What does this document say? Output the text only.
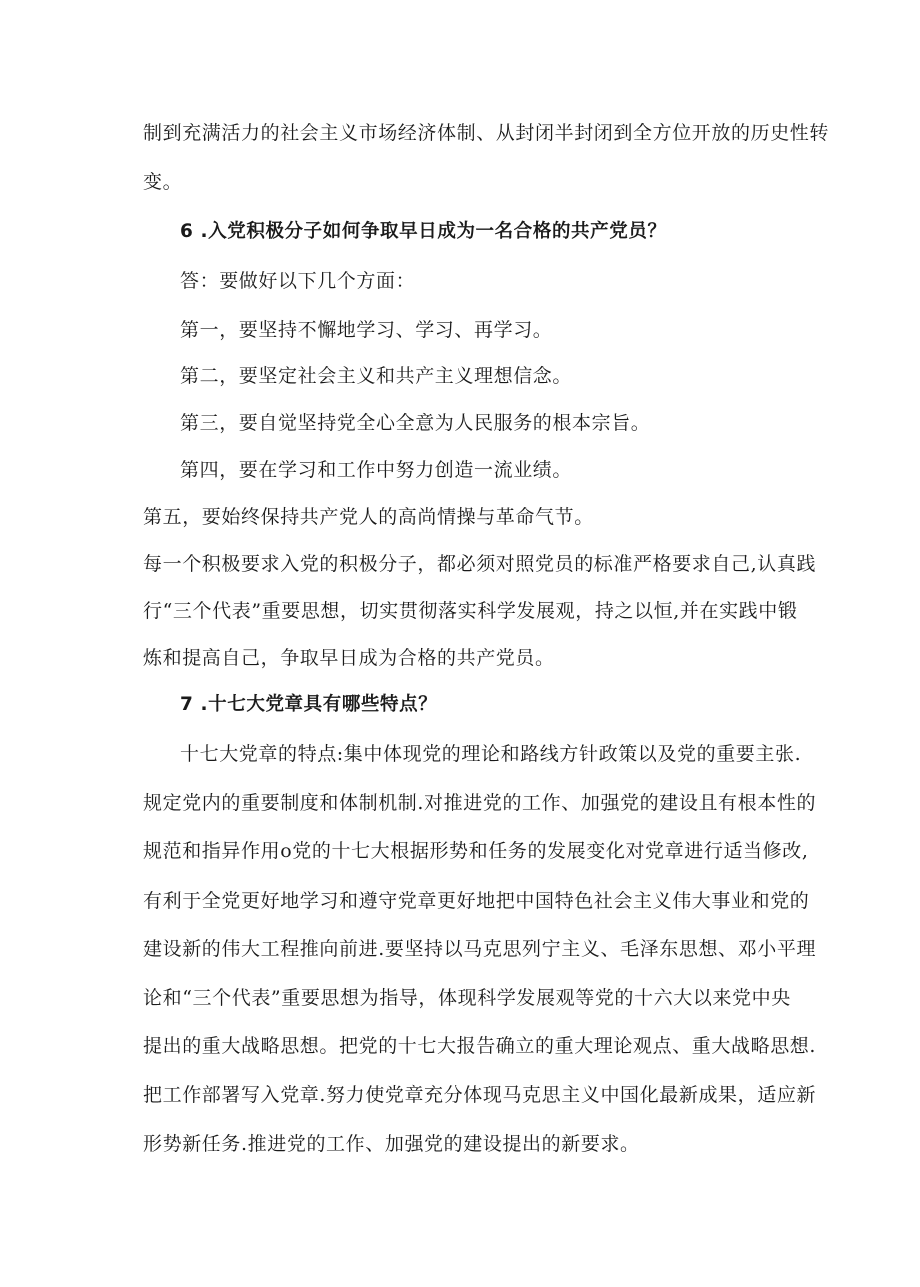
制到充满活力的社会主义市场经济体制、从封闭半封闭到全方位开放的历史性转
变。
6 .入党积极分子如何争取早日成为一名合格的共产党员？
答：要做好以下几个方面：
第一，要坚持不懈地学习、学习、再学习。
第二，要坚定社会主义和共产主义理想信念。
第三，要自觉坚持党全心全意为人民服务的根本宗旨。
第四，要在学习和工作中努力创造一流业绩。
第五，要始终保持共产党人的高尚情操与革命气节。
每一个积极要求入党的积极分子，都必须对照党员的标准严格要求自己,认真践
行“三个代表”重要思想，切实贯彻落实科学发展观，持之以恒,并在实践中锻
炼和提高自己，争取早日成为合格的共产党员。
7 .十七大党章具有哪些特点？
十七大党章的特点:集中体现党的理论和路线方针政策以及党的重要主张.
规定党内的重要制度和体制机制.对推进党的工作、加强党的建设且有根本性的
规范和指异作用o党的十七大根据形势和任务的发展变化对党章进行适当修改,
有利于全党更好地学习和遵守党章更好地把中国特色社会主义伟大事业和党的
建设新的伟大工程推向前进.要坚持以马克思列宁主义、毛泽东思想、邓小平理
论和“三个代表”重要思想为指导，体现科学发展观等党的十六大以来党中央
提出的重大战略思想。把党的十七大报告确立的重大理论观点、重大战略思想.
把工作部署写入党章.努力使党章充分体现马克思主义中国化最新成果，适应新
形势新任务.推进党的工作、加强党的建设提出的新要求。
